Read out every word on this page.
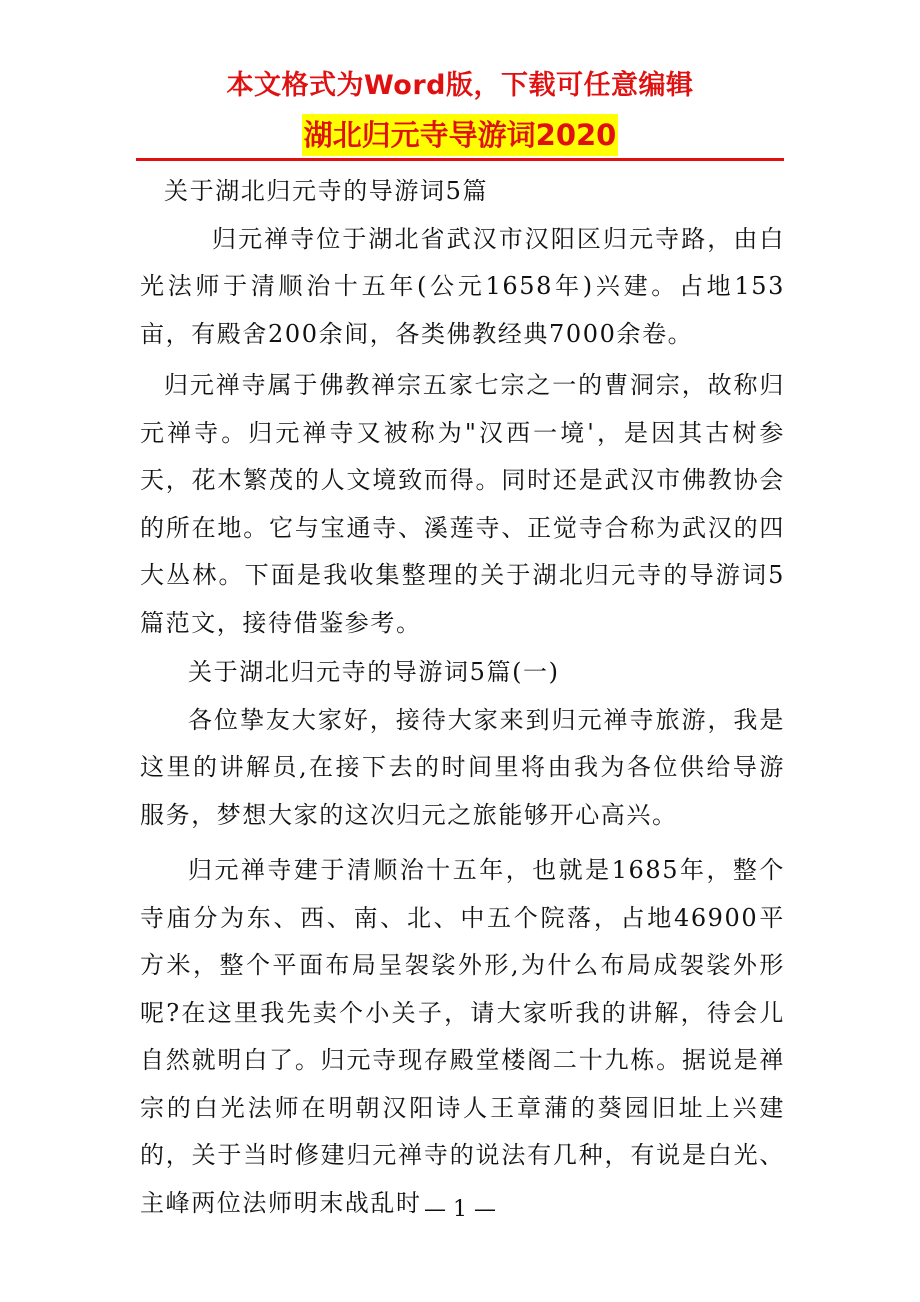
本文格式为Word版，下载可任意编辑
湖北归元寺导游词2020

关于湖北归元寺的导游词5篇

归元禅寺位于湖北省武汉市汉阳区归元寺路，由白光法师于清顺治十五年(公元1658年)兴建。占地153亩，有殿舍200余间，各类佛教经典7000余卷。

归元禅寺属于佛教禅宗五家七宗之一的曹洞宗，故称归元禅寺。归元禅寺又被称为"汉西一境'，是因其古树参天，花木繁茂的人文境致而得。同时还是武汉市佛教协会的所在地。它与宝通寺、溪莲寺、正觉寺合称为武汉的四大丛林。下面是我收集整理的关于湖北归元寺的导游词5篇范文，接待借鉴参考。

关于湖北归元寺的导游词5篇(一)

各位挚友大家好，接待大家来到归元禅寺旅游，我是这里的讲解员,在接下去的时间里将由我为各位供给导游服务，梦想大家的这次归元之旅能够开心高兴。

归元禅寺建于清顺治十五年，也就是1685年，整个寺庙分为东、西、南、北、中五个院落，占地46900平方米，整个平面布局呈袈裟外形,为什么布局成袈裟外形呢?在这里我先卖个小关子，请大家听我的讲解，待会儿自然就明白了。归元寺现存殿堂楼阁二十九栋。据说是禅宗的白光法师在明朝汉阳诗人王章蒲的葵园旧址上兴建的，关于当时修建归元禅寺的说法有几种，有说是白光、主峰两位法师明末战乱时 — 1 —
